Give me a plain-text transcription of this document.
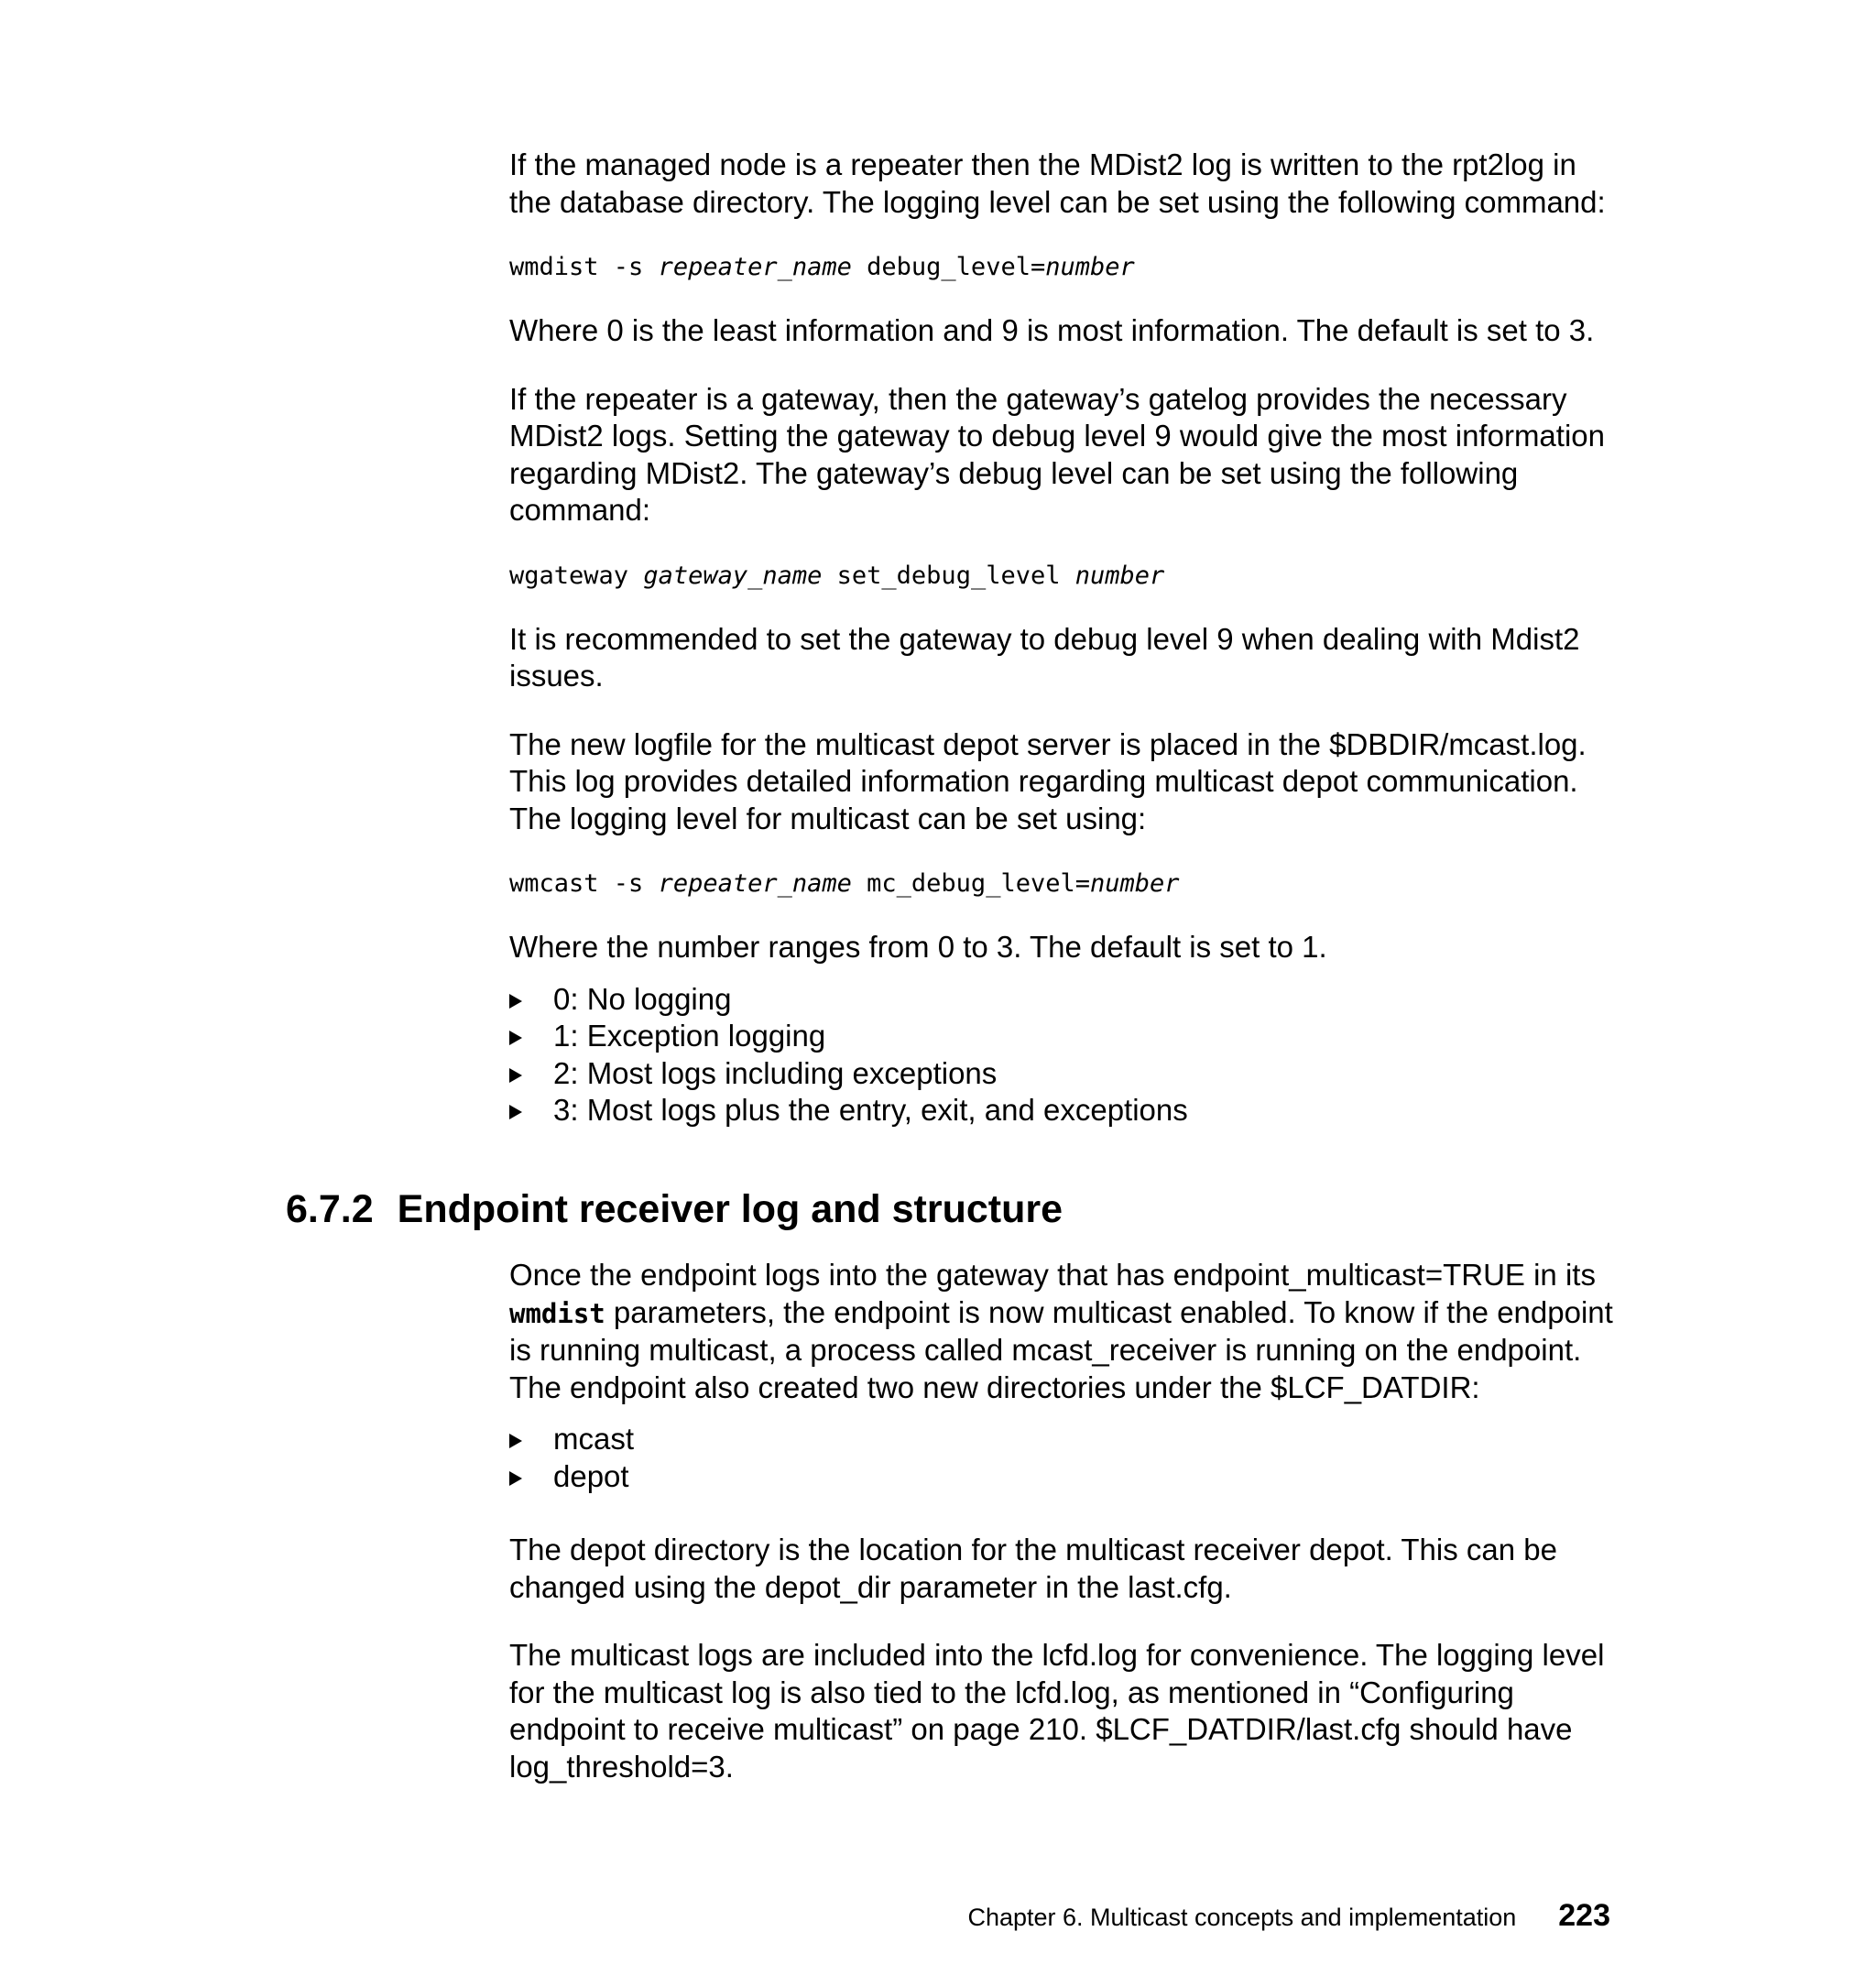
If the managed node is a repeater then the MDist2 log is written to the rpt2log in the database directory. The logging level can be set using the following command:

wmdist -s repeater_name debug_level=number

Where 0 is the least information and 9 is most information. The default is set to 3.

If the repeater is a gateway, then the gateway’s gatelog provides the necessary MDist2 logs. Setting the gateway to debug level 9 would give the most information regarding MDist2. The gateway’s debug level can be set using the following command:

wgateway gateway_name set_debug_level number

It is recommended to set the gateway to debug level 9 when dealing with Mdist2 issues.

The new logfile for the multicast depot server is placed in the $DBDIR/mcast.log. This log provides detailed information regarding multicast depot communication. The logging level for multicast can be set using:

wmcast -s repeater_name mc_debug_level=number

Where the number ranges from 0 to 3. The default is set to 1.

0: No logging
1: Exception logging
2: Most logs including exceptions
3: Most logs plus the entry, exit, and exceptions
6.7.2 Endpoint receiver log and structure

Once the endpoint logs into the gateway that has endpoint_multicast=TRUE in its wmdist parameters, the endpoint is now multicast enabled. To know if the endpoint is running multicast, a process called mcast_receiver is running on the endpoint. The endpoint also created two new directories under the $LCF_DATDIR:

mcast
depot

The depot directory is the location for the multicast receiver depot. This can be changed using the depot_dir parameter in the last.cfg.

The multicast logs are included into the lcfd.log for convenience. The logging level for the multicast log is also tied to the lcfd.log, as mentioned in “Configuring endpoint to receive multicast” on page 210. $LCF_DATDIR/last.cfg should have log_threshold=3.

Chapter 6. Multicast concepts and implementation 223
